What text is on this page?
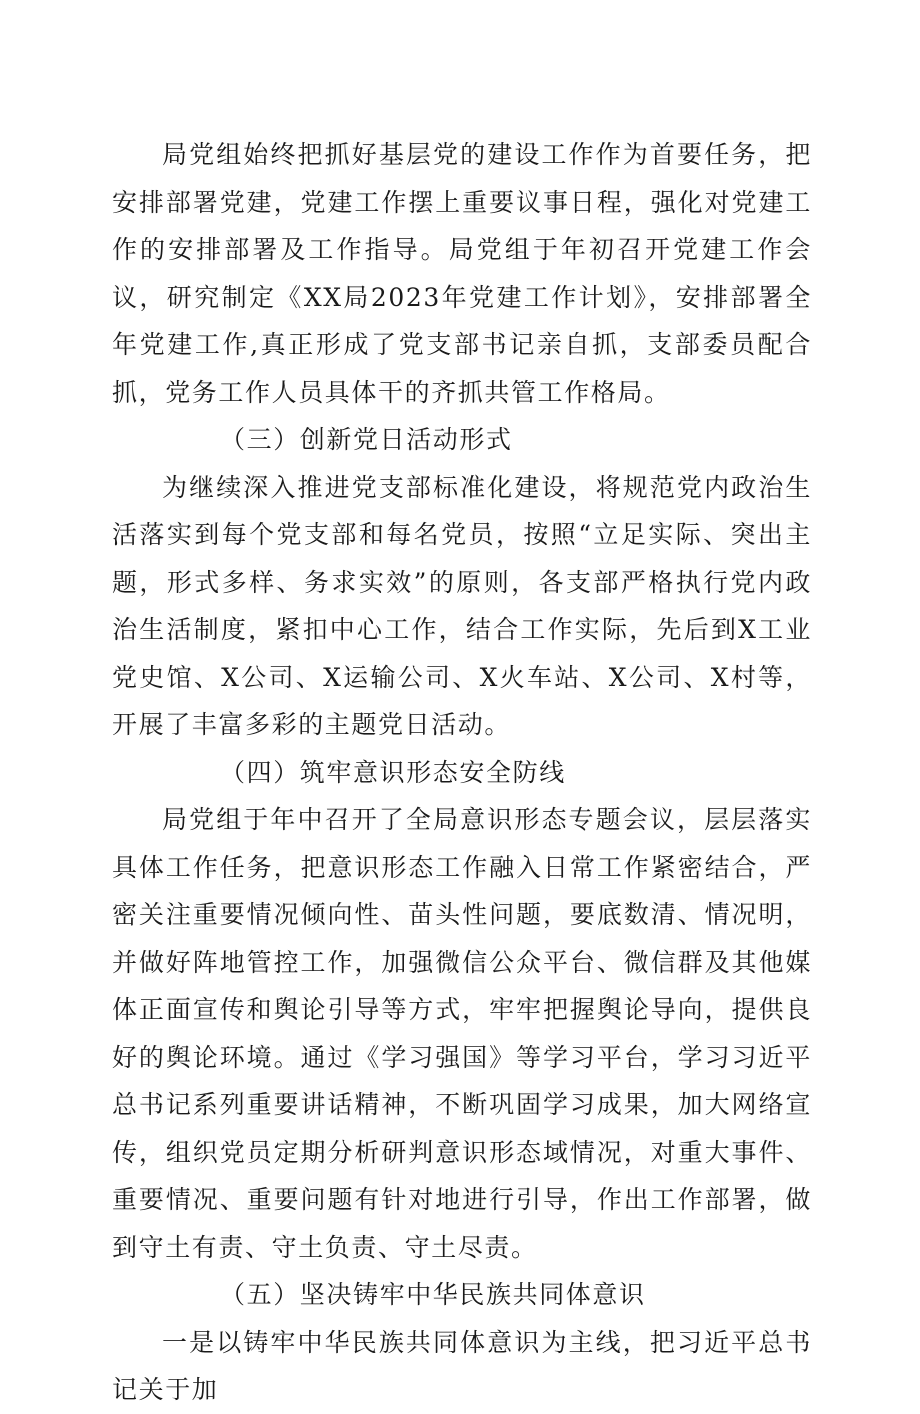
局党组始终把抓好基层党的建设工作作为首要任务，把安排部署党建，党建工作摆上重要议事日程，强化对党建工作的安排部署及工作指导。局党组于年初召开党建工作会议，研究制定《XX局2023年党建工作计划》，安排部署全年党建工作,真正形成了党支部书记亲自抓，支部委员配合抓，党务工作人员具体干的齐抓共管工作格局。

（三）创新党日活动形式

为继续深入推进党支部标准化建设，将规范党内政治生活落实到每个党支部和每名党员，按照“立足实际、突出主题，形式多样、务求实效”的原则，各支部严格执行党内政治生活制度，紧扣中心工作，结合工作实际，先后到X工业党史馆、X公司、X运输公司、X火车站、X公司、X村等，开展了丰富多彩的主题党日活动。

（四）筑牢意识形态安全防线

局党组于年中召开了全局意识形态专题会议，层层落实具体工作任务，把意识形态工作融入日常工作紧密结合，严密关注重要情况倾向性、苗头性问题，要底数清、情况明，并做好阵地管控工作，加强微信公众平台、微信群及其他媒体正面宣传和舆论引导等方式，牢牢把握舆论导向，提供良好的舆论环境。通过《学习强国》等学习平台，学习习近平总书记系列重要讲话精神，不断巩固学习成果，加大网络宣传，组织党员定期分析研判意识形态域情况，对重大事件、重要情况、重要问题有针对地进行引导，作出工作部署，做到守土有责、守土负责、守土尽责。

（五）坚决铸牢中华民族共同体意识

一是以铸牢中华民族共同体意识为主线，把习近平总书记关于加
